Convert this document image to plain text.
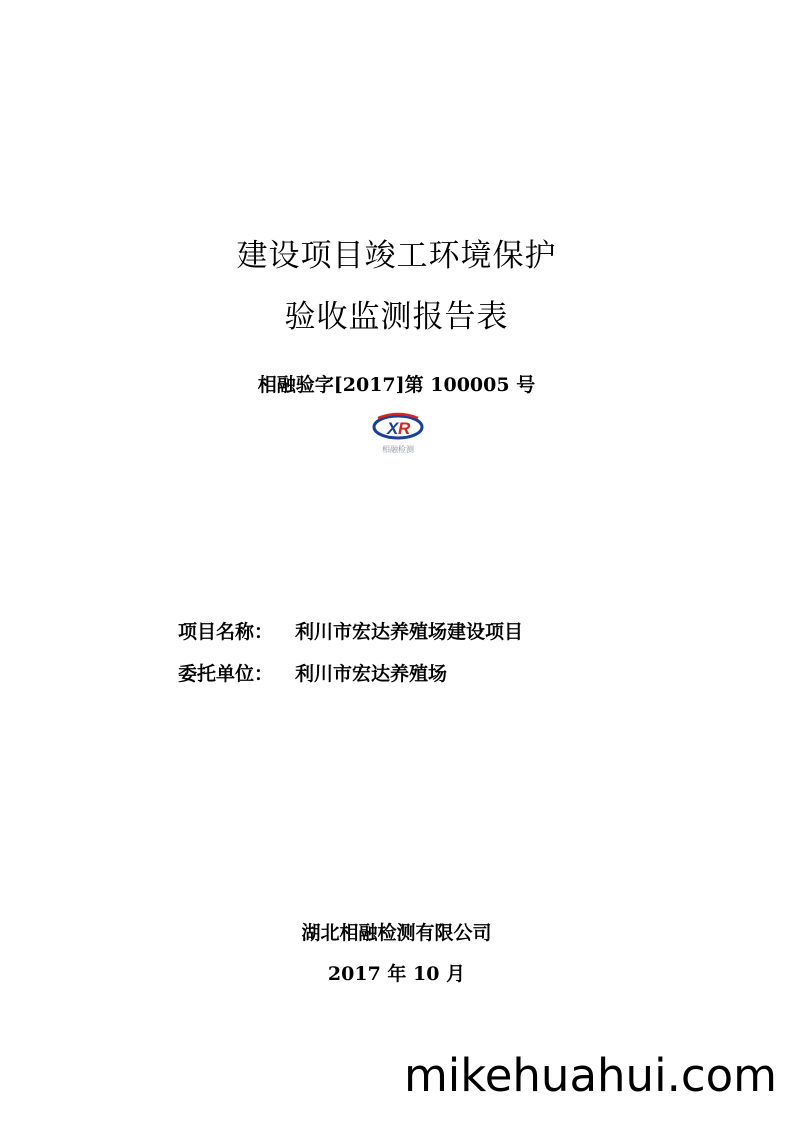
建设项目竣工环境保护
验收监测报告表
相融验字[2017]第 100005 号
X R
相融检测
项目名称： 利川市宏达养殖场建设项目
委托单位： 利川市宏达养殖场
湖北相融检测有限公司
2017 年 10 月
mikehuahui.com
